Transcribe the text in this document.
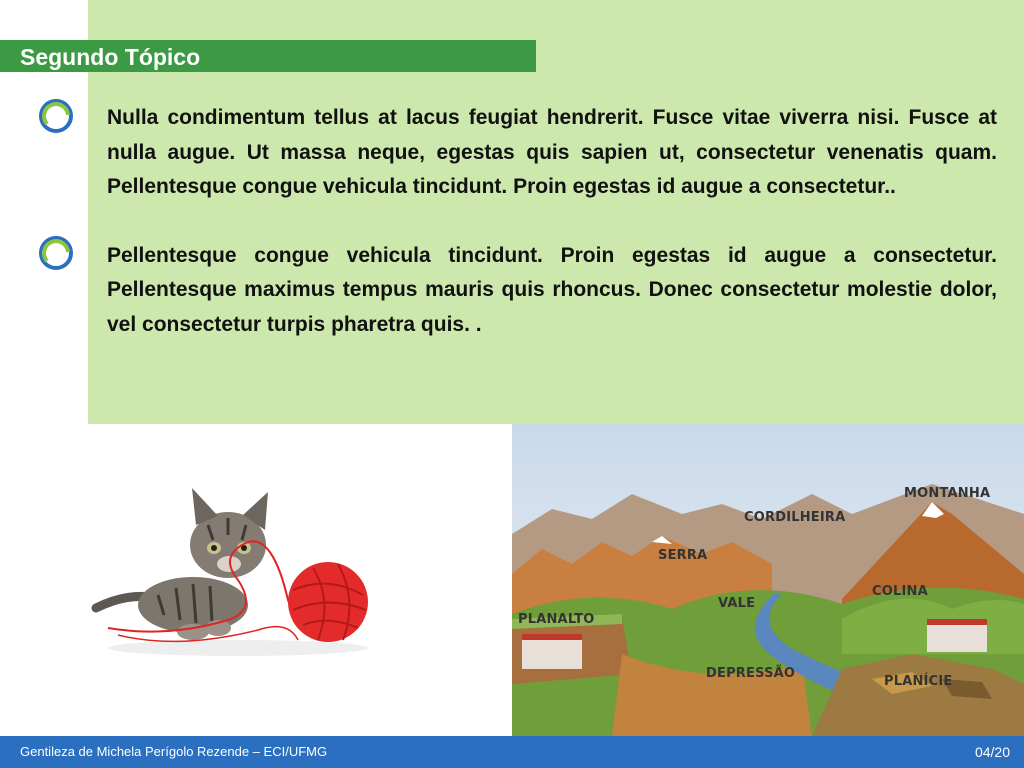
Segundo Tópico

Nulla condimentum tellus at lacus feugiat hendrerit. Fusce vitae viverra nisi. Fusce at nulla augue. Ut massa neque, egestas quis sapien ut, consectetur venenatis quam. Pellentesque congue vehicula tincidunt. Proin egestas id augue a consectetur..

Pellentesque congue vehicula tincidunt. Proin egestas id augue a consectetur. Pellentesque maximus tempus mauris quis rhoncus. Donec consectetur molestie dolor, vel consectetur turpis pharetra quis. .

MONTANHA
CORDILHEIRA
SERRA
VALE
COLINA
PLANALTO
DEPRESSÃO
PLANÍCIE
Gentileza de Michela Perígolo Rezende – ECI/UFMG	04/20
